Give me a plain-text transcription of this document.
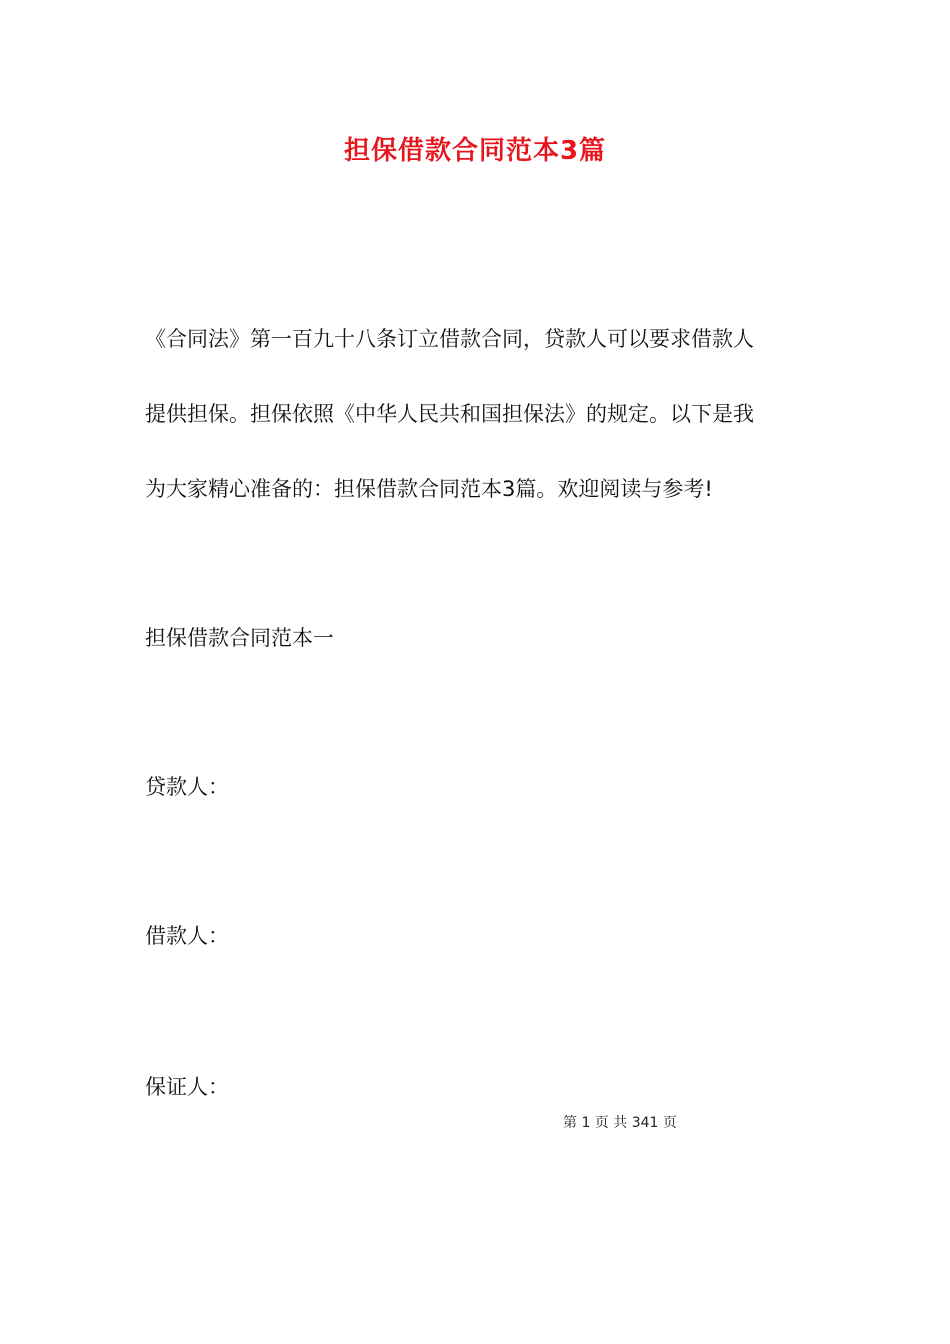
担保借款合同范本3篇
《合同法》第一百九十八条订立借款合同，贷款人可以要求借款人
提供担保。担保依照《中华人民共和国担保法》的规定。以下是我
为大家精心准备的：担保借款合同范本3篇。欢迎阅读与参考!
担保借款合同范本一
贷款人：
借款人：
保证人：
第 1 页 共 341 页
